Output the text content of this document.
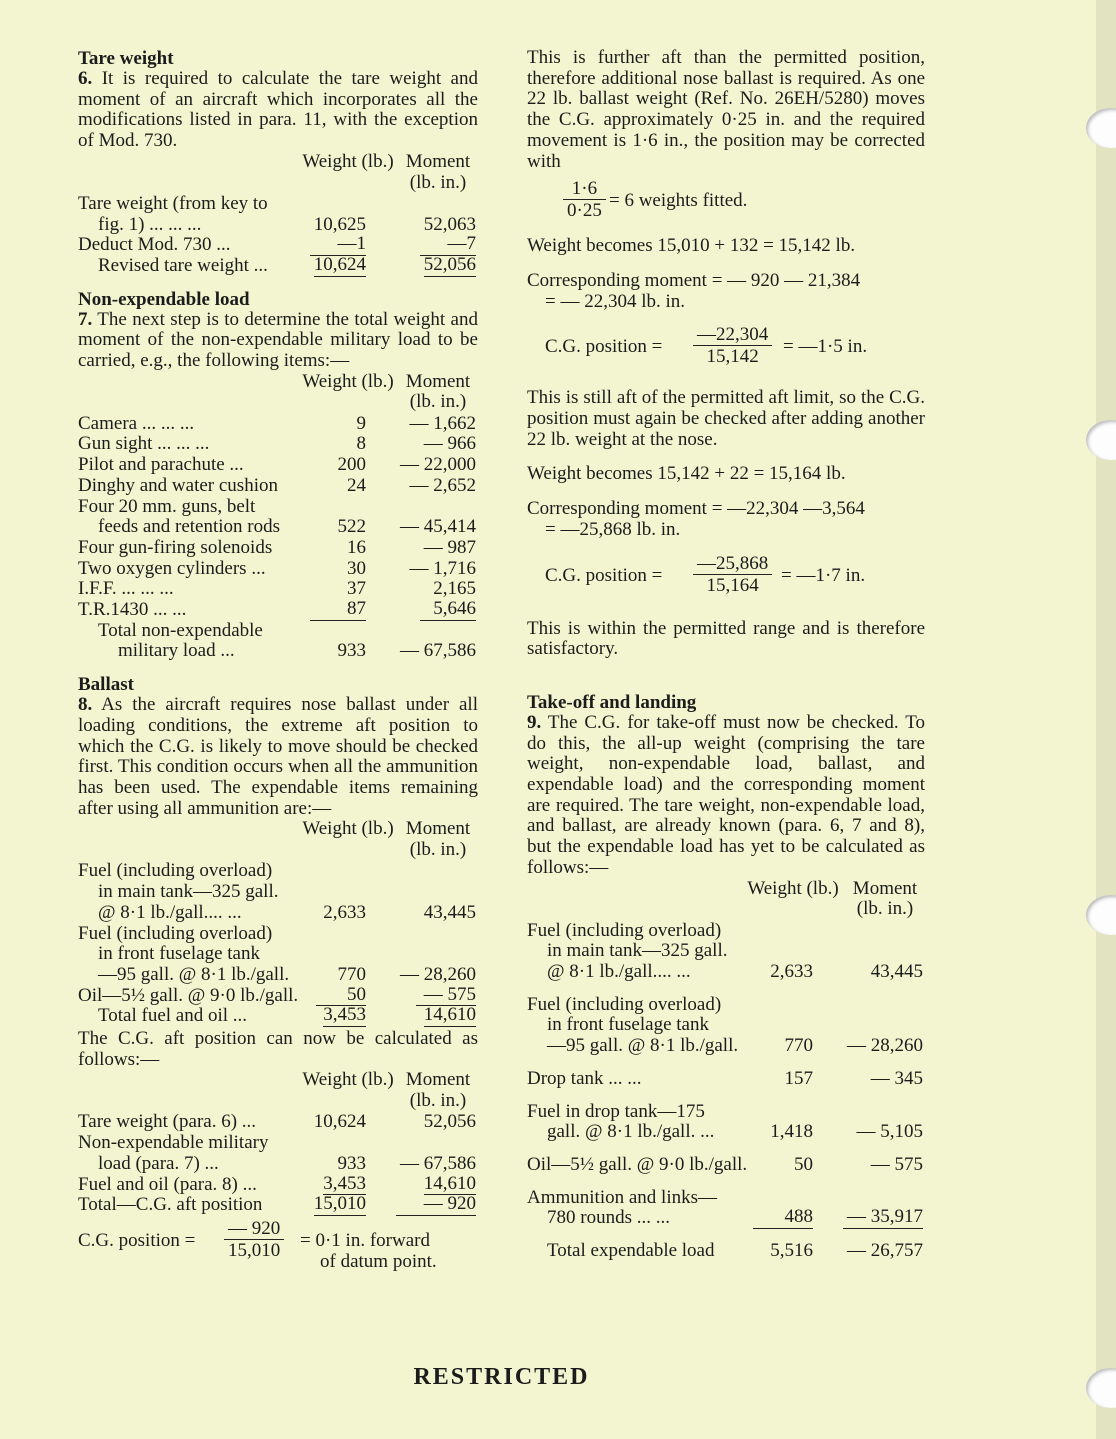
Tare weight

6. It is required to calculate the tare weight and moment of an aircraft which incorporates all the modifications listed in para. 11, with the exception of Mod. 730.

Weight (lb.) Moment (lb. in.)
Tare weight (from key to
fig. 1) ... ... ...	10,625	52,063
Deduct Mod. 730 ...	—1	—7
Revised tare weight ...	10,624	52,056
Non-expendable load

7. The next step is to determine the total weight and moment of the non-expendable military load to be carried, e.g., the following items:—

Weight (lb.) Moment (lb. in.)
Camera ... ... ...	9 — 1,662
Gun sight ... ... ...	8	— 966
Pilot and parachute ...	200 — 22,000
Dinghy and water cushion	24 — 2,652
Four 20 mm. guns, belt
feeds and retention rods	522 — 45,414
Four gun-firing solenoids	16	— 987
Two oxygen cylinders ...	30 — 1,716
I.F.F. ... ... ...	37	2,165
T.R.1430 ... ...	87	5,646
Total non-expendable
military load ...	933 — 67,586
Ballast

8. As the aircraft requires nose ballast under all loading conditions, the extreme aft position to which the C.G. is likely to move should be checked first. This condition occurs when all the ammunition has been used. The expendable items remaining after using all ammunition are:—

Weight (lb.) Moment (lb. in.)
Fuel (including overload)
in main tank—325 gall.
@ 8·1 lb./gall.... ...	2,633	43,445
Fuel (including overload)
in front fuselage tank
—95 gall. @ 8·1 lb./gall.	770 — 28,260
Oil—5½ gall. @ 9·0 lb./gall.	50	— 575
Total fuel and oil ...	3,453	14,610

The C.G. aft position can now be calculated as follows:—

Weight (lb.) Moment (lb. in.)
Tare weight (para. 6) ...	10,624	52,056
Non-expendable military
load (para. 7) ...	933 — 67,586
Fuel and oil (para. 8) ...	3,453	14,610
Total—C.G. aft position	15,010	— 920
C.G. position = $\frac{— 920}{15,010} = 0\cdot 1$ in. forward
of datum point.

This is further aft than the permitted position, therefore additional nose ballast is required. As one 22 lb. ballast weight (Ref. No. 26EH/5280) moves the C.G. approximately 0·25 in. and the required movement is 1·6 in., the position may be corrected with

$\frac{1\cdot 6}{0\cdot 25} = 6$ weights fitted.

Weight becomes 15,010 + 132 = 15,142 lb.

Corresponding moment = — 920 — 21,384

= — 22,304 lb. in.

C.G. position = $\frac{—22,304}{15,142}$ = —1·5 in.

This is still aft of the permitted aft limit, so the C.G. position must again be checked after adding another 22 lb. weight at the nose.

Weight becomes 15,142 + 22 = 15,164 lb.

Corresponding moment = —22,304 —3,564

= —25,868 lb. in.

C.G. position = $\frac{—25,868}{15,164}$ = —1·7 in.

This is within the permitted range and is therefore satisfactory.

Take-off and landing

9. The C.G. for take-off must now be checked. To do this, the all-up weight (comprising the tare weight, non-expendable load, ballast, and expendable load) and the corresponding moment are required. The tare weight, non-expendable load, and ballast, are already known (para. 6, 7 and 8), but the expendable load has yet to be calculated as follows:—

Weight (lb.) Moment (lb. in.)
Fuel (including overload)
in main tank—325 gall.
@ 8·1 lb./gall.... ...	2,633	43,445
Fuel (including overload)
in front fuselage tank
—95 gall. @ 8·1 lb./gall.	770 — 28,260
Drop tank ... ...	157	— 345
Fuel in drop tank—175
gall. @ 8·1 lb./gall. ...	1,418 — 5,105
Oil—5½ gall. @ 9·0 lb./gall.	50	— 575
Ammunition and links—
780 rounds ... ...	488 — 35,917
Total expendable load	5,516 — 26,757
RESTRICTED
